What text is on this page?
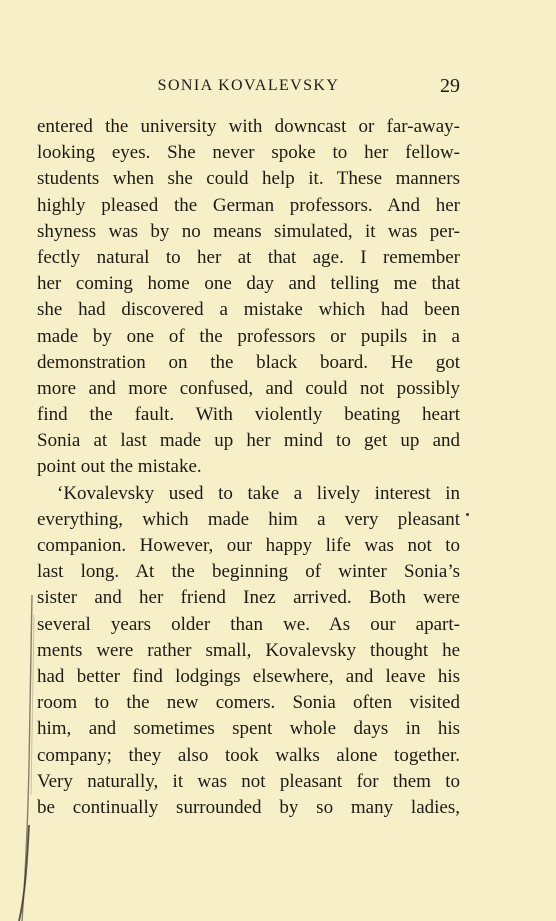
SONIA KOVALEVSKY	29
entered the university with downcast or far-away-
looking eyes. She never spoke to her fellow-
students when she could help it. These manners
highly pleased the German professors. And her
shyness was by no means simulated, it was per-
fectly natural to her at that age. I remember
her coming home one day and telling me that
she had discovered a mistake which had been
made by one of the professors or pupils in a
demonstration on the black board. He got
more and more confused, and could not possibly
find the fault. With violently beating heart
Sonia at last made up her mind to get up and
point out the mistake.
‘Kovalevsky used to take a lively interest in
everything, which made him a very pleasant
companion. However, our happy life was not to
last long. At the beginning of winter Sonia’s
sister and her friend Inez arrived. Both were
several years older than we. As our apart-
ments were rather small, Kovalevsky thought he
had better find lodgings elsewhere, and leave his
room to the new comers. Sonia often visited
him, and sometimes spent whole days in his
company; they also took walks alone together.
Very naturally, it was not pleasant for them to
be continually surrounded by so many ladies,
